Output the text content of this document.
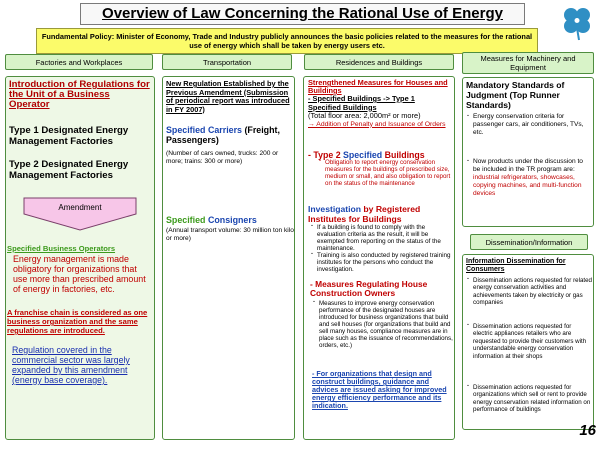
Overview of Law Concerning the Rational Use of Energy
Fundamental Policy: Minister of Economy, Trade and Industry publicly announces the basic policies related to the measures for the rational use of energy which shall be taken by energy users etc.
Factories and Workplaces	Transportation	Residences and Buildings	Measures for Machinery and Equipment
Dissemination/Information
Introduction of Regulations for the Unit of a Business Operator
Type 1 Designated Energy Management Factories
Type 2 Designated Energy Management Factories
Amendment
Specified Business Operators
Energy management is made obligatory for organizations that use more than prescribed amount of energy in factories, etc.
A franchise chain is considered as one business organization and the same regulations are introduced.
Regulation covered in the commercial sector was largely expanded by this amendment (energy base coverage).
New Regulation Established by the Previous Amendment (Submission of periodical report was introduced in FY 2007)
Specified Carriers (Freight, Passengers)
(Number of cars owned, trucks: 200 or more; trains: 300 or more)
Specified Consigners
(Annual transport volume: 30 million ton kilo or more)
Strengthened Measures for Houses and Buildings
- Specified Buildings -> Type 1
Specified Buildings
(Total floor area: 2,000m² or more)
→ Addition of Penalty and Issuance of Orders
- Type 2 Specified Buildings
・ Obligation to report energy conservation measures for the buildings of prescribed size, medium or small, and also obligation to report on the status of the maintenance
Investigation by Registered Institutes for Buildings
・ If a building is found to comply with the evaluation criteria as the result, it will be exempted from reporting on the status of the maintenance.
・ Training is also conducted by registered training institutes for the persons who conduct the investigation.
- Measures Regulating House Construction Owners
・ Measures to improve energy conservation performance of the designated houses are introduced for business organizations that build and sell houses (for organizations that build and sell many houses, compliance measures are in place such as the issuance of recommendations, orders, etc.)
- For organizations that design and construct buildings, guidance and advices are issued asking for improved energy efficiency performance and its indication.
Mandatory Standards of Judgment (Top Runner Standards)
・ Energy conservation criteria for passenger cars, air conditioners, TVs, etc.
・ Now products under the discussion to be included in the TR program are: industrial refrigerators, showcases, copying machines, and multi-function devices
Information Dissemination for Consumers
・ Dissemination actions requested for related energy conservation activities and achievements taken by electricity or gas companies
・ Dissemination actions requested for electric appliances retailers who are requested to provide their customers with understandable energy conservation information at their shops
・ Dissemination actions requested for organizations which sell or rent to provide energy conservation related information on performance of buildings
16
